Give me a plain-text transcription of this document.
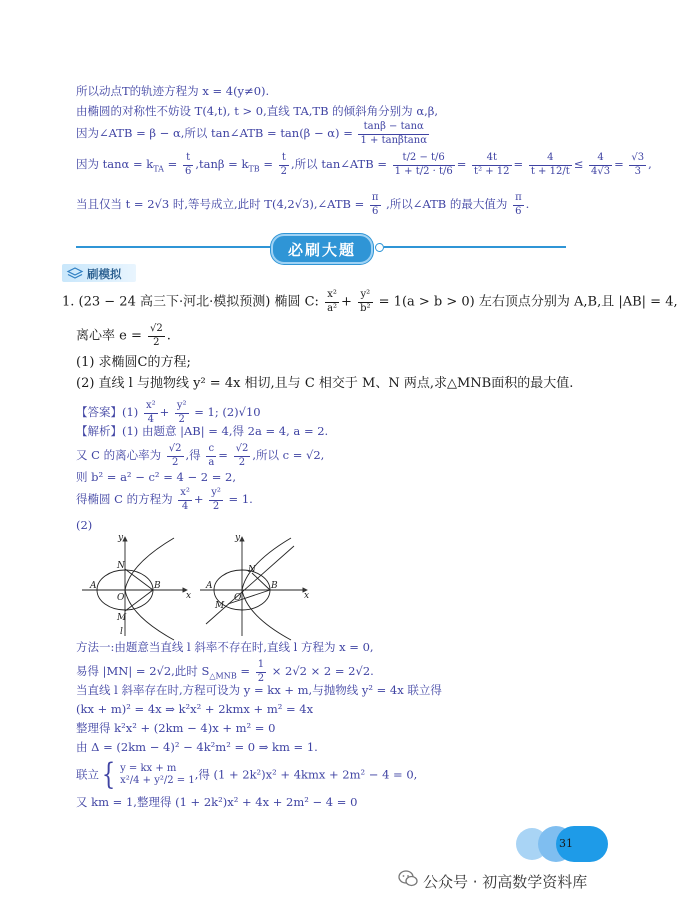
所以动点T的轨迹方程为 x = 4(y≠0).
由椭圆的对称性不妨设 T(4,t), t > 0,直线 TA,TB 的倾斜角分别为 α,β,
因为∠ATB = β − α,所以 tan∠ATB = $\tan(\beta - \alpha) = \frac{\tan\beta - \tan\alpha}{1 + \tan\beta\tan\alpha}$
因为 $\tan\alpha = k_{TA} = \frac{t}{6} ,\tan\beta = k_{TB} = \frac{t}{2}$ ,所以 tan∠ATB = $\frac{t/2 - t/6}{1 + t/2 \cdot t/6} = \frac{4t}{\text{t² + 12}} = \frac{4}{t + 12/t} \le \frac{4}{4√3} = \frac{√3}{3}$ ,
当且仅当 t = 2√3 时,等号成立,此时 T(4,2√3),∠ATB = $\frac{\pi}{6}$ ,所以∠ATB 的最大值为 $\frac{\pi}{6}$ .
必刷大题
刷模拟
1. (23 − 24 高三下·河北·模拟预测) 椭圆 C: $\frac{\text{x²}}{\text{a²}} + \frac{\text{y²}}{\text{b²}} = 1(a > b > 0)$ 左右顶点分别为 A,B,且 |AB| = 4,
离心率 $e = \frac{√2}{2}$ .
(1) 求椭圆C的方程;
(2) 直线 l 与抛物线 y² = 4x 相切,且与 C 相交于 M、N 两点,求△MNB面积的最大值.
【答案】$(1) \frac{\text{x²}}{4} + \frac{\text{y²}}{2} = 1$; (2)√10
【解析】(1) 由题意 |AB| = 4,得 2a = 4, a = 2.
又 C 的离心率为 $\frac{√2}{2}$ ,得 $\frac{c}{a} = \frac{√2}{2}$ ,所以 c = √2,
则 b² = a² − c² = 4 − 2 = 2,
得椭圆 C 的方程为 $\frac{\text{x²}}{4} + \frac{\text{y²}}{2} = 1$.
(2)
y
x
A	B
O
N
M
l
y
x
A	B
O
N
M
方法一:由题意当直线 l 斜率不存在时,直线 l 方程为 x = 0,
易得 |MN| = 2√2,此时 $S_{\triangle MNB} = \frac{1}{2} \times 2√2 \times 2 = 2√2$.
当直线 l 斜率存在时,方程可设为 y = kx + m,与抛物线 y² = 4x 联立得
(kx + m)² = 4x ⇒ k²x² + 2kmx + m² = 4x
整理得 k²x² + (2km − 4)x + m² = 0
由 Δ = (2km − 4)² − 4k²m² = 0 ⇒ km = 1.
联立{ y = kx + m
x²/4 + y²/2 = 1 ,得 (1 + 2k²)x² + 4kmx + 2m² − 4 = 0,
又 km = 1,整理得 (1 + 2k²)x² + 4x + 2m² − 4 = 0
31
公众号 · 初高数学资料库
